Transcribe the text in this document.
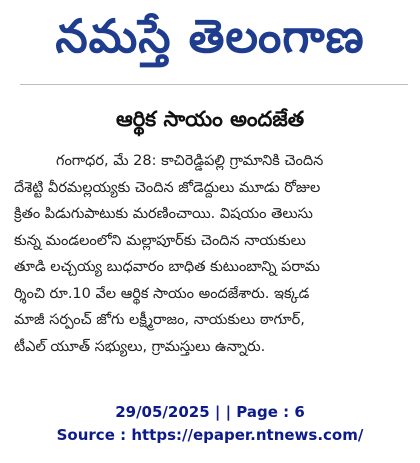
నమస్తే తెలంగాణ
ఆర్థిక సాయం అందజేత
గంగాధర, మే 28: కాచిరెడ్డిపల్లి గ్రామానికి చెందిన
దేశెట్టి వీరమల్లయ్యకు చెందిన జోడెద్దులు మూడు రోజుల
క్రితం పిడుగుపాటుకు మరణించాయి. విషయం తెలుసు
కున్న మండలంలోని మల్లాపూర్‌కు చెందిన నాయకులు
తూడి లచ్చయ్య బుధవారం బాధిత కుటుంబాన్ని పరామ
ర్శించి రూ.10 వేల ఆర్థిక సాయం అందజేశారు. ఇక్కడ
మాజీ సర్పంచ్ జోగు లక్ష్మీరాజం, నాయకులు ఠాగూర్,
టీఎల్ యూత్ సభ్యులు, గ్రామస్తులు ఉన్నారు.
29/05/2025 | | Page : 6
Source : https://epaper.ntnews.com/
